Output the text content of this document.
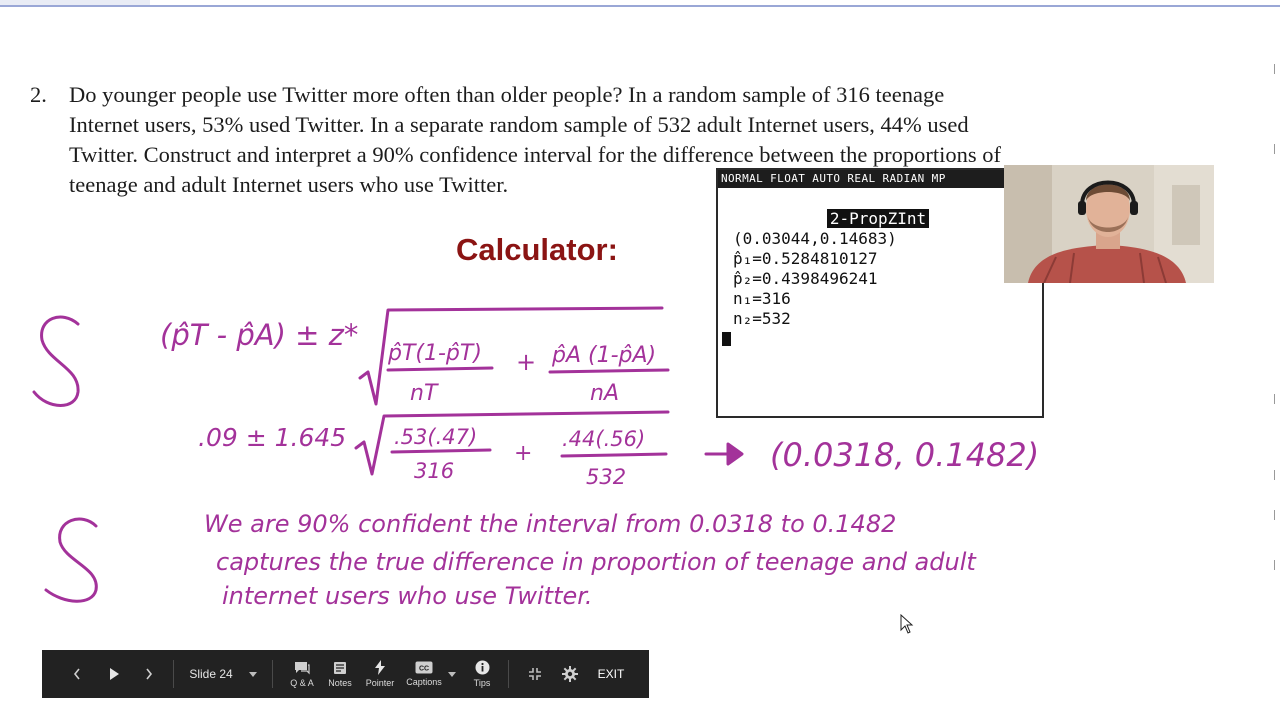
2. Do younger people use Twitter more often than older people? In a random sample of 316 teenage
Internet users, 53% used Twitter. In a separate random sample of 532 adult Internet users, 44% used
Twitter. Construct and interpret a 90% confidence interval for the difference between the proportions of
teenage and adult Internet users who use Twitter.
Calculator:
(p̂T - p̂A) ± z*
p̂T(1-p̂T)
nT
+ p̂A (1-p̂A)
nA
.09 ± 1.645 .53(.47)
316
+
.44(.56)
532
(0.0318, 0.1482)
We are 90% confident the interval from 0.0318 to 0.1482
captures the true difference in proportion of teenage and adult
internet users who use Twitter.
NORMAL FLOAT AUTO REAL RADIAN MP
2-PropZInt
(0.03044,0.14683)
p̂₁=0.5284810127
p̂₂=0.4398496241
n₁=316
n₂=532
Slide 24
Q & A Notes Pointer
CC
Captions	Tips
EXIT
